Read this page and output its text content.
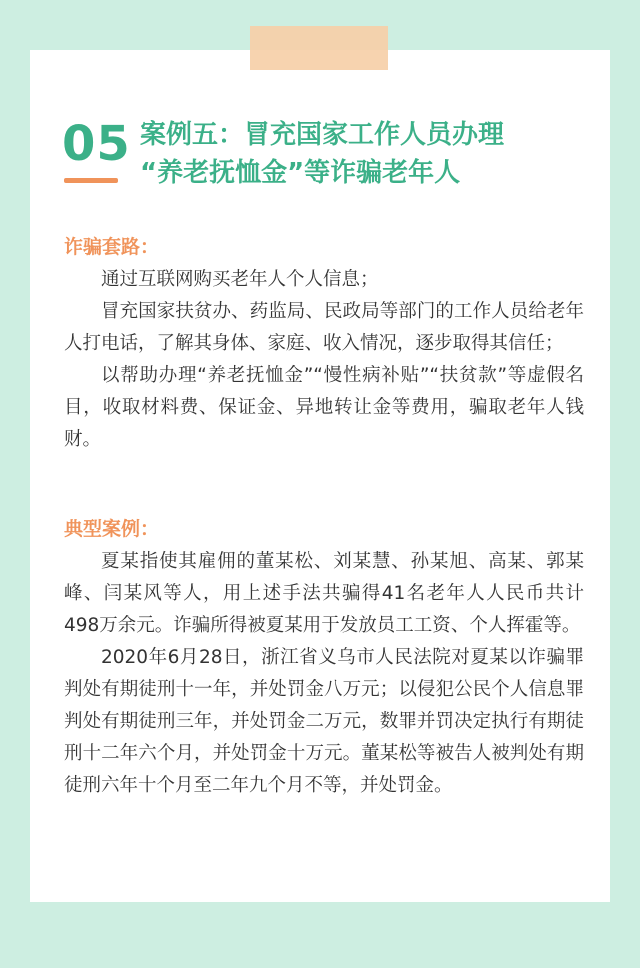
05 案例五：冒充国家工作人员办理
“养老抚恤金”等诈骗老年人
诈骗套路：

通过互联网购买老年人个人信息；

冒充国家扶贫办、药监局、民政局等部门的工作人员给老年人打电话，了解其身体、家庭、收入情况，逐步取得其信任；

以帮助办理“养老抚恤金”“慢性病补贴”“扶贫款”等虚假名目，收取材料费、保证金、异地转让金等费用，骗取老年人钱财。

典型案例：

夏某指使其雇佣的董某松、刘某慧、孙某旭、高某、郭某峰、闫某风等人，用上述手法共骗得41名老年人人民币共计498万余元。诈骗所得被夏某用于发放员工工资、个人挥霍等。

2020年6月28日，浙江省义乌市人民法院对夏某以诈骗罪判处有期徒刑十一年，并处罚金八万元；以侵犯公民个人信息罪判处有期徒刑三年，并处罚金二万元，数罪并罚决定执行有期徒刑十二年六个月，并处罚金十万元。董某松等被告人被判处有期徒刑六年十个月至二年九个月不等，并处罚金。
